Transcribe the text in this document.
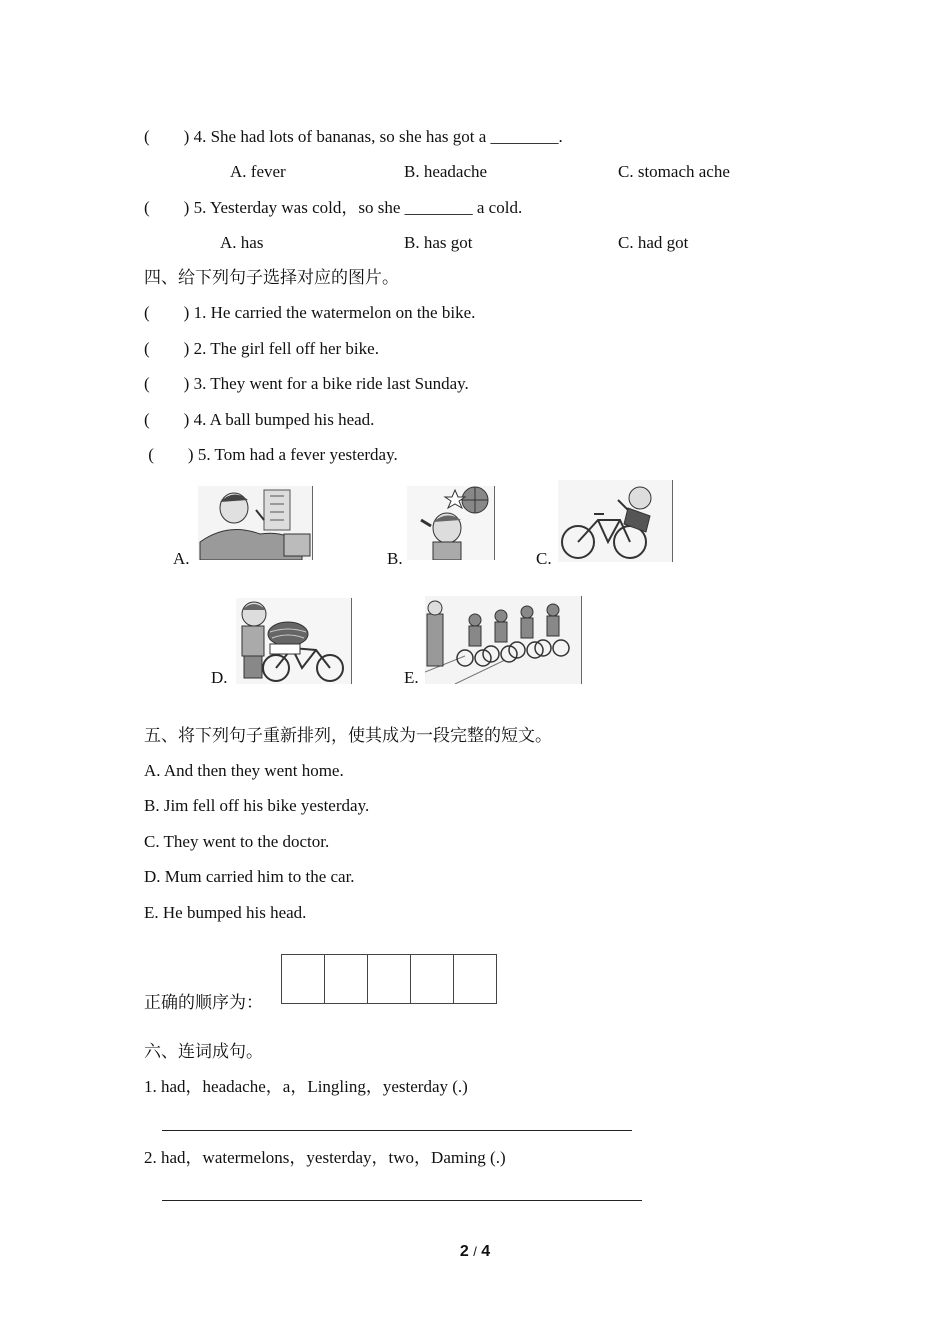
(        ) 4. She had lots of bananas, so she has got a ________.
A. fever	B. headache	C. stomach ache
(        ) 5. Yesterday was cold，so she ________ a cold.
A. has	B. has got	C. had got
四、给下列句子选择对应的图片。
(        ) 1. He carried the watermelon on the bike.
(        ) 2. The girl fell off her bike.
(        ) 3. They went for a bike ride last Sunday.
(        ) 4. A ball bumped his head.
(        ) 5. Tom had a fever yesterday.
A.	B.	C.
D.	E.
五、将下列句子重新排列，使其成为一段完整的短文。
A. And then they went home.
B. Jim fell off his bike yesterday.
C. They went to the doctor.
D. Mum carried him to the car.
E. He bumped his head.
正确的顺序为：
六、连词成句。
1. had，headache，a，Lingling，yesterday (.)
2. had，watermelons，yesterday，two，Daming (.)
2 / 4
